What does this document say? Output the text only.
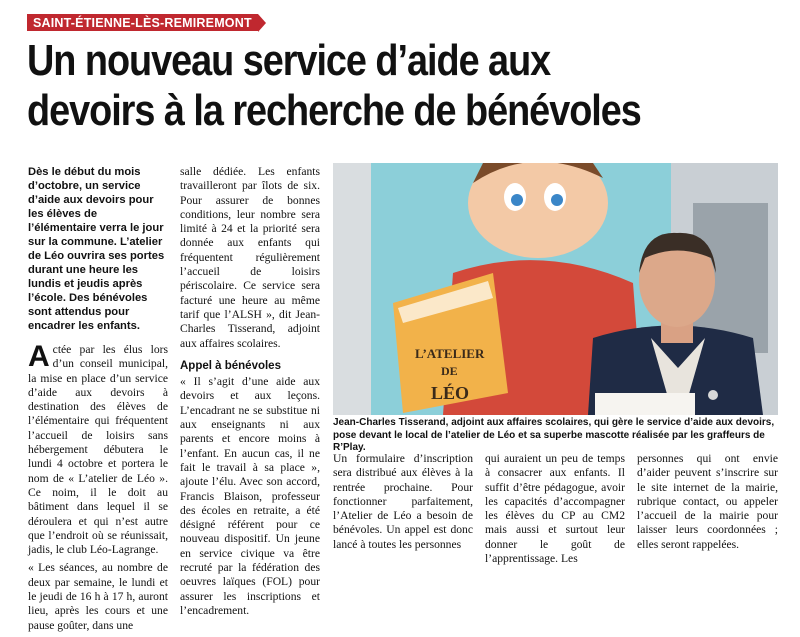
SAINT-ÉTIENNE-LÈS-REMIREMONT
Un nouveau service d’aide aux
devoirs à la recherche de bénévoles
Dès le début du mois d’octobre, un service d’aide aux devoirs pour les élèves de l’élémentaire verra le jour sur la commune. L’atelier de Léo ouvrira ses portes durant une heure les lundis et jeudis après l’école. Des bénévoles sont attendus pour encadrer les enfants.

Actée par les élus lors d’un conseil municipal, la mise en place d’un service d’aide aux devoirs à destination des élèves de l’élémentaire qui fréquentent l’accueil de loisirs sans hébergement débutera le lundi 4 octobre et portera le nom de « L’atelier de Léo ». Ce noim, il le doit au bâtiment dans lequel il se déroulera et qui n’est autre que l’endroit où se réunissait, jadis, le club Léo-Lagrange.

« Les séances, au nombre de deux par semaine, le lundi et le jeudi de 16 h à 17 h, auront lieu, après les cours et une pause goûter, dans une

salle dédiée. Les enfants travailleront par îlots de six. Pour assurer de bonnes conditions, leur nombre sera limité à 24 et la priorité sera donnée aux enfants qui fréquentent régulièrement l’accueil de loisirs périscolaire. Ce service sera facturé une heure au même tarif que l’ALSH », dit Jean-Charles Tisserand, adjoint aux affaires scolaires.

Appel à bénévoles

« Il s’agit d’une aide aux devoirs et aux leçons. L’encadrant ne se substitue ni aux enseignants ni aux parents et encore moins à l’enfant. En aucun cas, il ne fait le travail à sa place », ajoute l’élu. Avec son accord, Francis Blaison, professeur des écoles en retraite, a été désigné référent pour ce nouveau dispositif. Un jeune en service civique va être recruté par la fédération des oeuvres laïques (FOL) pour assurer les inscriptions et l’encadrement.

L’ATELIER
DE
LÉO
Jean-Charles Tisserand, adjoint aux affaires scolaires, qui gère le service d’aide aux devoirs, pose devant le local de l’atelier de Léo et sa superbe mascotte réalisée par les graffeurs de R’Play.

Un formulaire d’inscription sera distribué aux élèves à la rentrée prochaine. Pour fonctionner parfaitement, l’Atelier de Léo a besoin de bénévoles. Un appel est donc lancé à toutes les personnes

qui auraient un peu de temps à consacrer aux enfants. Il suffit d’être pédagogue, avoir les capacités d’accompagner les élèves du CP au CM2 mais aussi et surtout leur donner le goût de l’apprentissage. Les

personnes qui ont envie d’aider peuvent s’inscrire sur le site internet de la mairie, rubrique contact, ou appeler l’accueil de la mairie pour laisser leurs coordonnées ; elles seront rappelées.
